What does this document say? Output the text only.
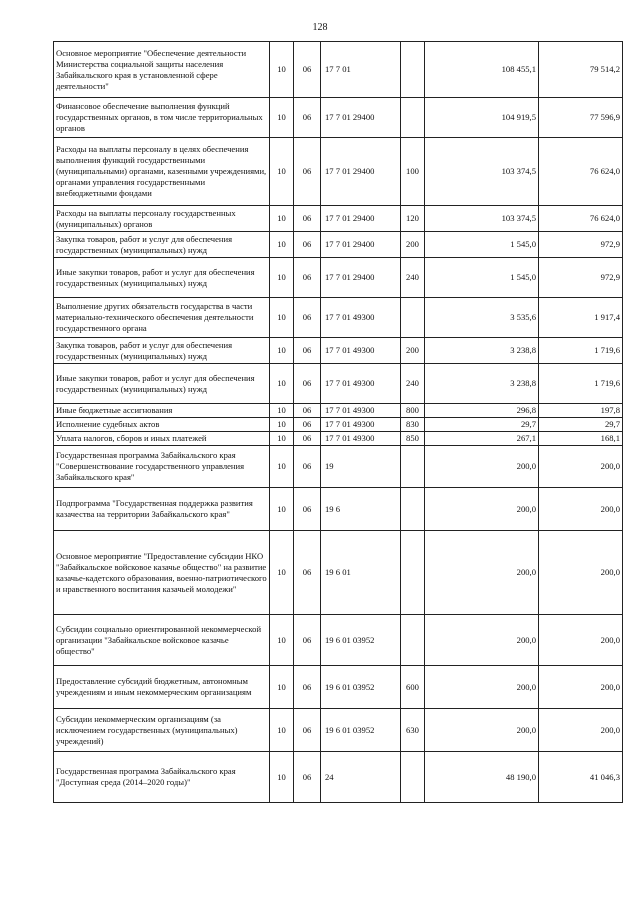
128
Основное мероприятие "Обеспечение деятельности Министерства социальной защиты населения Забайкальского края в установленной сфере деятельности"	10	06	17 7 01		108 455,1	79 514,2
Финансовое обеспечение выполнения функций государственных органов, в том числе территориальных органов	10	06	17 7 01 29400		104 919,5	77 596,9
Расходы на выплаты персоналу в целях обеспечения выполнения функций государственными (муниципальными) органами, казенными учреждениями, органами управления государственными внебюджетными фондами	10	06	17 7 01 29400	100	103 374,5	76 624,0
Расходы на выплаты персоналу государственных (муниципальных) органов	10	06	17 7 01 29400	120	103 374,5	76 624,0
Закупка товаров, работ и услуг для обеспечения государственных (муниципальных) нужд	10	06	17 7 01 29400	200	1 545,0	972,9
Иные закупки товаров, работ и услуг для обеспечения государственных (муниципальных) нужд	10	06	17 7 01 29400	240	1 545,0	972,9
Выполнение других обязательств государства в части материально-технического обеспечения деятельности государственного органа	10	06	17 7 01 49300		3 535,6	1 917,4
Закупка товаров, работ и услуг для обеспечения государственных (муниципальных) нужд	10	06	17 7 01 49300	200	3 238,8	1 719,6
Иные закупки товаров, работ и услуг для обеспечения государственных (муниципальных) нужд	10	06	17 7 01 49300	240	3 238,8	1 719,6
Иные бюджетные ассигнования	10	06	17 7 01 49300	800	296,8	197,8
Исполнение судебных актов	10	06	17 7 01 49300	830	29,7	29,7
Уплата налогов, сборов и иных платежей	10	06	17 7 01 49300	850	267,1	168,1
Государственная программа Забайкальского края "Совершенствование государственного управления Забайкальского края"	10	06	19		200,0	200,0
Подпрограмма "Государственная поддержка развития казачества на территории Забайкальского края"	10	06	19 6		200,0	200,0
Основное мероприятие "Предоставление субсидии НКО "Забайкальское войсковое казачье общество" на развитие казачье-кадетского образования, военно-патриотического и нравственного воспитания казачьей молодежи"	10	06	19 6 01		200,0	200,0
Субсидии социально ориентированной некоммерческой организации "Забайкальское войсковое казачье общество"	10	06	19 6 01 03952		200,0	200,0
Предоставление субсидий бюджетным, автономным учреждениям и иным некоммерческим организациям	10	06	19 6 01 03952	600	200,0	200,0
Субсидии некоммерческим организациям (за исключением государственных (муниципальных) учреждений)	10	06	19 6 01 03952	630	200,0	200,0
Государственная программа Забайкальского края "Доступная среда (2014–2020 годы)"	10	06	24		48 190,0	41 046,3
